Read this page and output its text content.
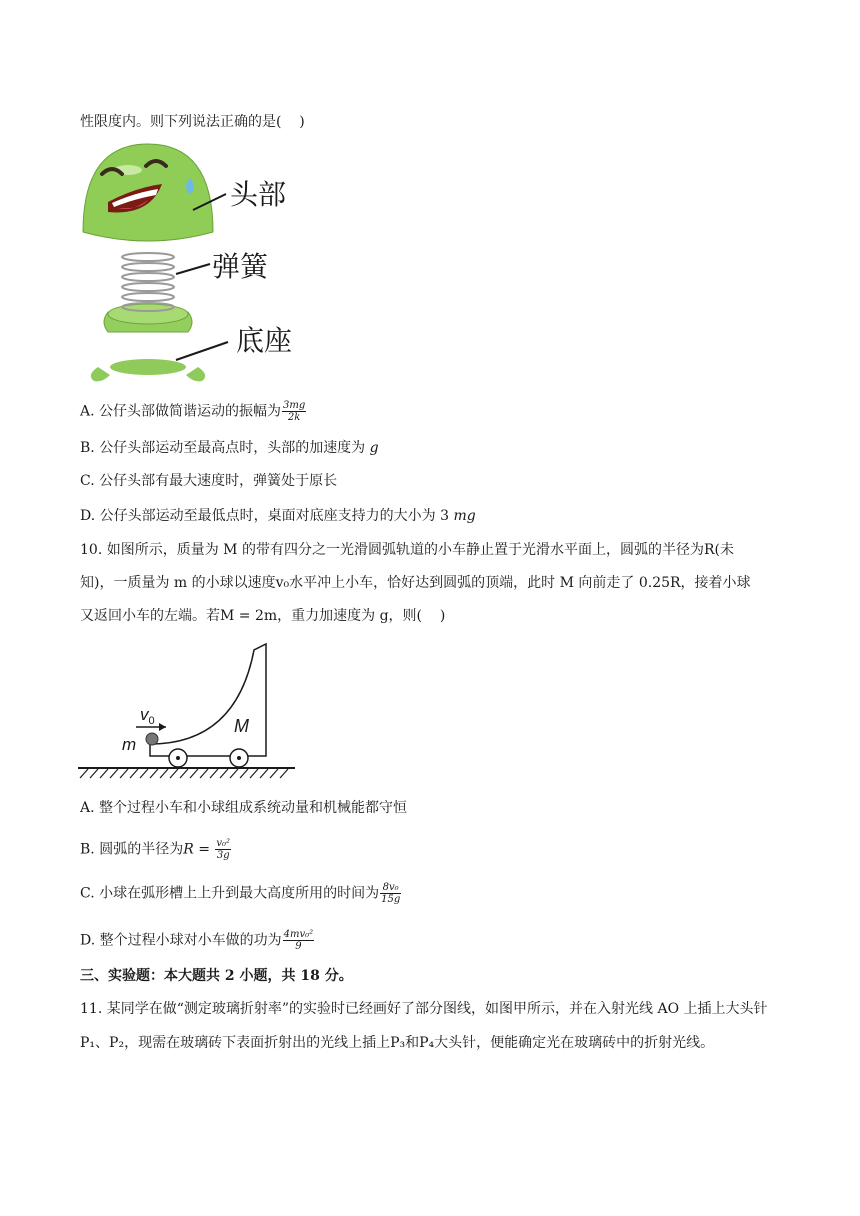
性限度内。则下列说法正确的是(    )
头部
弹簧
底座
A. 公仔头部做简谐运动的振幅为 $\frac{3mg}{2k}$
B. 公仔头部运动至最高点时，头部的加速度为 g
C. 公仔头部有最大速度时，弹簧处于原长
D. 公仔头部运动至最低点时，桌面对底座支持力的大小为 3 mg
10. 如图所示，质量为 M 的带有四分之一光滑圆弧轨道的小车静止置于光滑水平面上，圆弧的半径为R(未
知)，一质量为 m 的小球以速度v₀水平冲上小车，恰好达到圆弧的顶端，此时 M 向前走了 0.25R，接着小球
又返回小车的左端。若M = 2m，重力加速度为 g，则(    )
$v_0$
m
M
A. 整个过程小车和小球组成系统动量和机械能都守恒
B. 圆弧的半径为$R = \frac{\text{v₀²}}{3g}$
C. 小球在弧形槽上上升到最大高度所用的时间为 $\frac{\text{8v₀}}{15g}$
D. 整个过程小球对小车做的功为 $\frac{\text{4mv₀²}}{9}$
三、实验题：本大题共 2 小题，共 18 分。
11. 某同学在做“测定玻璃折射率”的实验时已经画好了部分图线，如图甲所示，并在入射光线 AO 上插上大头针P₁、P₂，现需在玻璃砖下表面折射出的光线上插上P₃和P₄大头针，便能确定光在玻璃砖中的折射光线。
